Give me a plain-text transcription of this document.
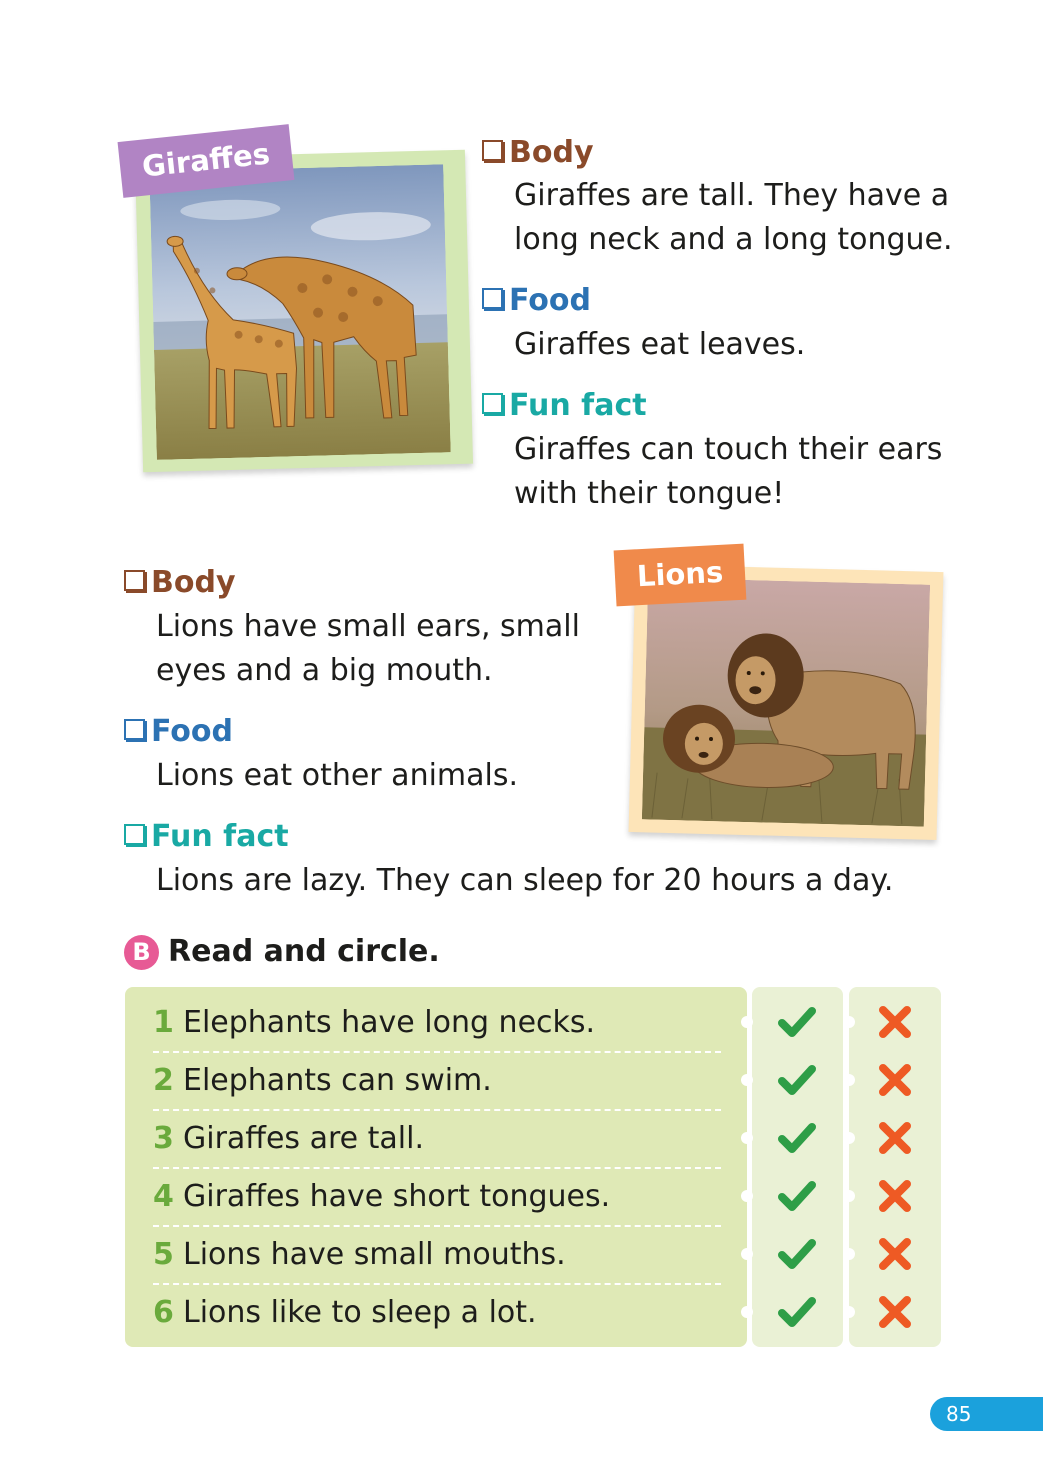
Giraffes	Body
Giraffes are tall. They have a long neck and a long tongue.
Food
Giraffes eat leaves.
Fun fact
Giraffes can touch their ears with their tongue!
Body
Lions have small ears, small eyes and a big mouth.
Food
Lions eat other animals.
Fun fact
Lions are lazy. They can sleep for 20 hours a day.
Lions
B Read and circle.
1 Elephants have long necks.
2 Elephants can swim.
3 Giraffes are tall.
4 Giraffes have short tongues.
5 Lions have small mouths.
6 Lions like to sleep a lot.
85
